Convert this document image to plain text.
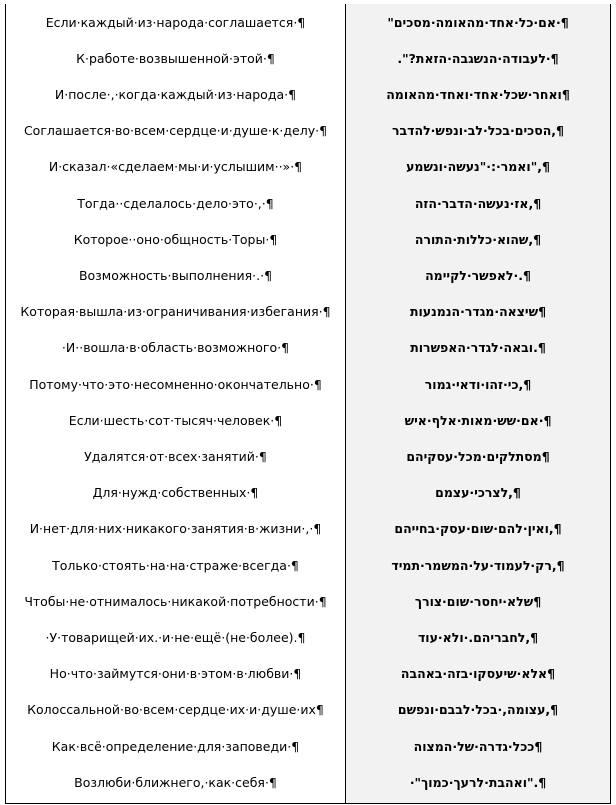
Если·каждый·из·народа·соглашается·¶	¶·אם·כל·אחד·מהאומה·מסכים"
К·работе·возвышенной·этой·¶	¶·לעבודה·הנשגבה·הזאת?".
И·после·,·когда·каждый·из·народа·¶	¶ואחר·שכל·אחד·ואחד·מהאומה
Соглашается·во·всем·сердце·и·душе·к·делу·¶	¶,הסכים·בכל·לב·ונפש·להדבר
И·сказал·«сделаем·мы·и·услышим··»·¶	¶,"ואמר·:·"נעשה·ונשמע
Тогда··сделалось·дело·это·,·¶	¶,אז·נעשה·הדבר·הזה
Которое··оно·общность·Торы·¶	¶,שהוא·כללות·התורה
Возможность·выполнения·.·¶	¶.·לאפשר·לקיימה
Которая·вышла·из·ограничивания·избегания·¶	¶שיצאה·מגדר·הנמנעות
·И··вошла·в·область·возможного·¶	¶.ובאה·לגדר·האפשרות
Потому·что·это·несомненно·окончательно·¶	¶,כי·זהו·ודאי·גמור
Если·шесть·сот·тысяч·человек·¶	¶·אם·שש·מאות·אלף·איש
Удалятся·от·всех·занятий·¶	¶מסתלקים·מכל·עסקיהם
Для·нужд·собственных·¶	¶,לצרכי·עצמם
И·нет·для·них·никакого·занятия·в·жизни·,·¶	¶,ואין·להם·שום·עסק·בחייהם
Только·стоять·на·на·страже·всегда·¶	¶,רק·לעמוד·על·המשמר·תמיד
Чтобы·не·отнималось·никакой·потребности·¶	¶שלא·יחסר·שום·צורך
·У·товарищей·их.·и·не·ещё·(не·более).¶	¶,לחבריהם.·ולא·עוד
Но·что·займутся·они·в·этом·в·любви·¶	¶אלא·שיעסקו·בזה·באהבה
Колоссальной·во·всем·сердце·их·и·душе·их¶	¶,עצומה,·בכל·לבבם·ונפשם
Как·всё·определение·для·заповеди·¶	¶ככל·גדרה·של·המצוה
Возлюби·ближнего,·как·себя·¶	¶."ואהבת·לרעך·כמוך"·
